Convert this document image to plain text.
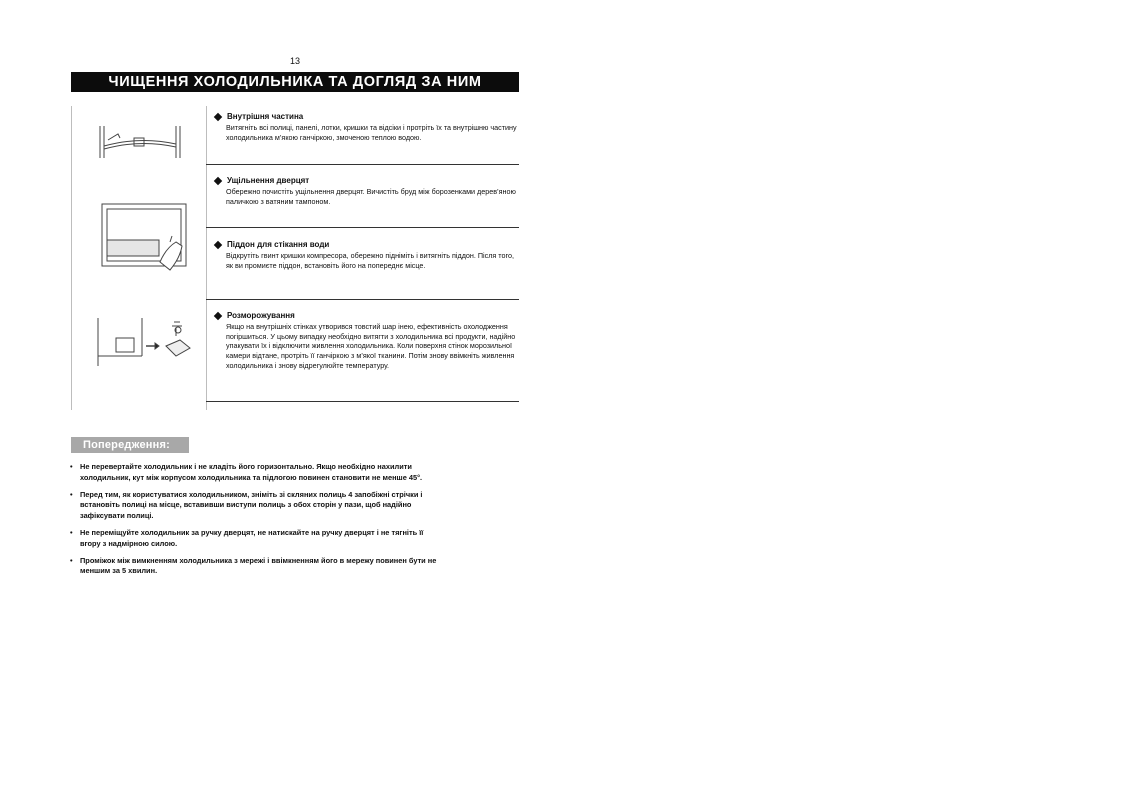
13
ЧИЩЕННЯ ХОЛОДИЛЬНИКА ТА ДОГЛЯД ЗА НИМ
Внутрішня частина
Витягніть всі полиці, панелі, лотки, кришки та відсіки і протріть їх та внутрішню частину холодильника м’якою ганчіркою, змоченою теплою водою.
Ущільнення дверцят
Обережно почистіть ущільнення дверцят. Вичистіть бруд між борозенками дерев’яною паличкою з ватяним тампоном.
Піддон для стікання води
Відкрутіть гвинт кришки компресора, обережно підніміть і витягніть піддон. Після того, як ви промиєте піддон, встановіть його на попереднє місце.
Розморожування
Якщо на внутрішніх стінках утворився товстий шар інею, ефективність охолодження погіршиться. У цьому випадку необхідно витягти з холодильника всі продукти, надійно упакувати їх і відключити живлення холодильника. Коли поверхня стінок морозильної камери відтане, протріть її ганчіркою з м’якої тканини. Потім знову ввімкніть живлення холодильника і знову відрегулюйте температуру.
Попередження:
•	Не перевертайте холодильник і не кладіть його горизонтально. Якщо необхідно нахилити холодильник, кут між корпусом холодильника та підлогою повинен становити не менше 45°.
•	Перед тим, як користуватися холодильником, зніміть зі скляних полиць 4 запобіжні стрічки і встановіть полиці на місце, вставивши виступи полиць з обох сторін у пази, щоб надійно зафіксувати полиці.
•	Не переміщуйте холодильник за ручку дверцят, не натискайте на ручку дверцят і не тягніть її вгору з надмірною силою.
•	Проміжок між вимкненням холодильника з мережі і ввімкненням його в мережу повинен бути не меншим за 5 хвилин.
